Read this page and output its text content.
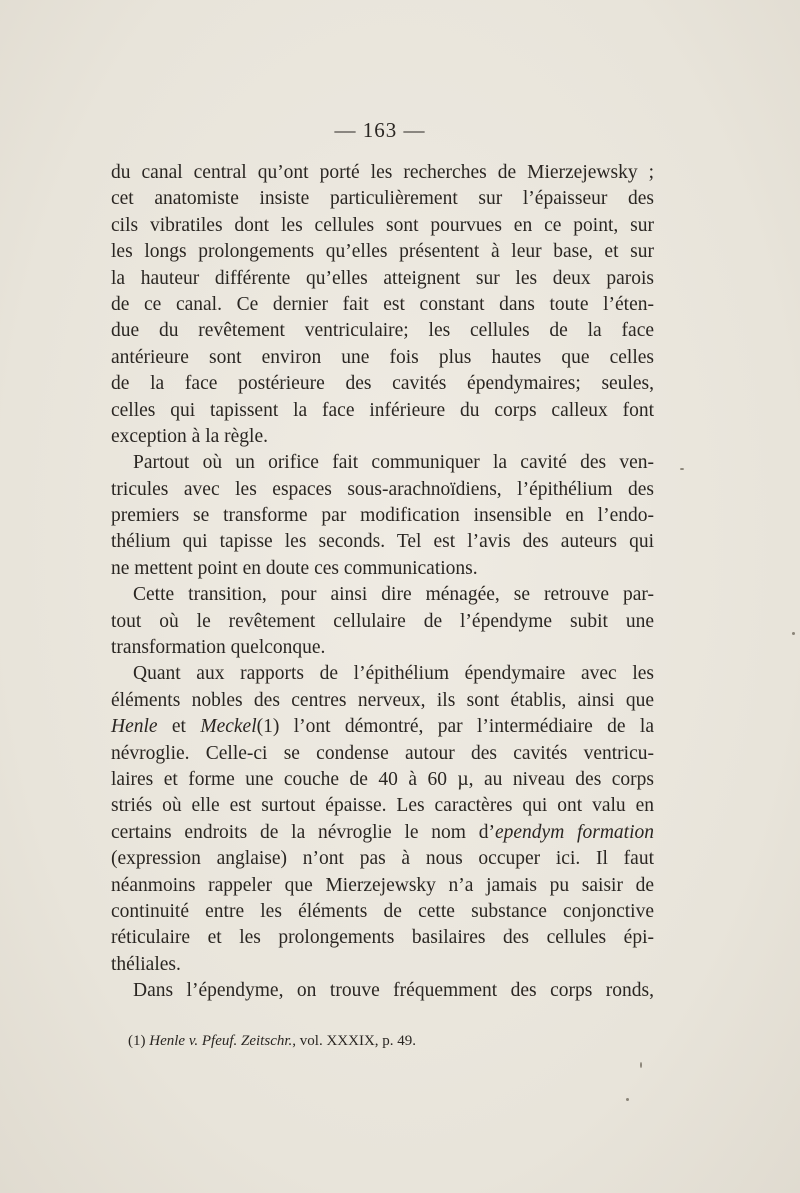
— 163 —
du canal central qu’ont porté les recherches de Mierzejewsky ;
cet anatomiste insiste particulièrement sur l’épaisseur des
cils vibratiles dont les cellules sont pourvues en ce point, sur
les longs prolongements qu’elles présentent à leur base, et sur
la hauteur différente qu’elles atteignent sur les deux parois
de ce canal. Ce dernier fait est constant dans toute l’éten-
due du revêtement ventriculaire; les cellules de la face
antérieure sont environ une fois plus hautes que celles
de la face postérieure des cavités épendymaires; seules,
celles qui tapissent la face inférieure du corps calleux font
exception à la règle.
Partout où un orifice fait communiquer la cavité des ven-
tricules avec les espaces sous-arachnoïdiens, l’épithélium des
premiers se transforme par modification insensible en l’endo-
thélium qui tapisse les seconds. Tel est l’avis des auteurs qui
ne mettent point en doute ces communications.
Cette transition, pour ainsi dire ménagée, se retrouve par-
tout où le revêtement cellulaire de l’épendyme subit une
transformation quelconque.
Quant aux rapports de l’épithélium épendymaire avec les
éléments nobles des centres nerveux, ils sont établis, ainsi que
Henle et Meckel(1) l’ont démontré, par l’intermédiaire de la
névroglie. Celle-ci se condense autour des cavités ventricu-
laires et forme une couche de 40 à 60 µ, au niveau des corps
striés où elle est surtout épaisse. Les caractères qui ont valu en
certains endroits de la névroglie le nom d’ependym formation
(expression anglaise) n’ont pas à nous occuper ici. Il faut
néanmoins rappeler que Mierzejewsky n’a jamais pu saisir de
continuité entre les éléments de cette substance conjonctive
réticulaire et les prolongements basilaires des cellules épi-
théliales.
Dans l’épendyme, on trouve fréquemment des corps ronds,
(1) Henle v. Pfeuf. Zeitschr., vol. XXXIX, p. 49.
